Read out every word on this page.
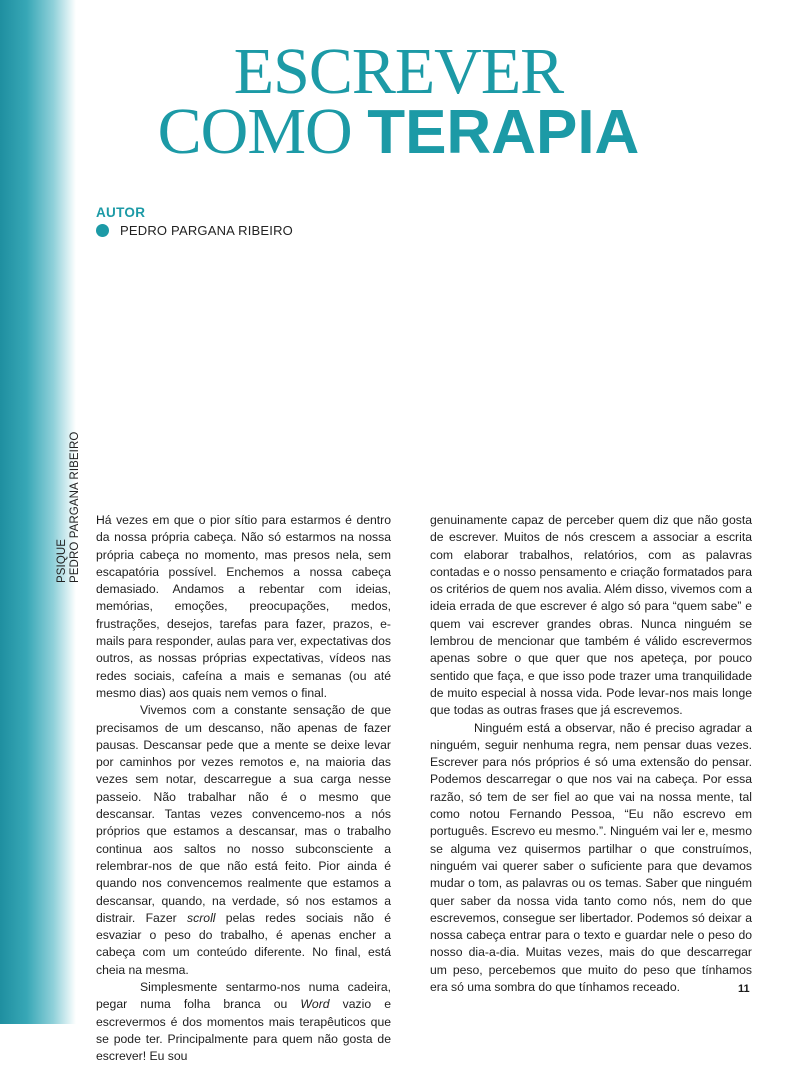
PSIQUE PEDRO PARGANA RIBEIRO
ESCREVER
COMO TERAPIA
AUTOR
PEDRO PARGANA RIBEIRO

Há vezes em que o pior sítio para estarmos é dentro da nossa própria cabeça. Não só estarmos na nossa própria cabeça no momento, mas presos nela, sem escapatória possível. Enchemos a nossa cabeça demasiado. Andamos a rebentar com ideias, memórias, emoções, preocupações, medos, frustrações, desejos, tarefas para fazer, prazos, e-mails para responder, aulas para ver, expectativas dos outros, as nossas próprias expectativas, vídeos nas redes sociais, cafeína a mais e semanas (ou até mesmo dias) aos quais nem vemos o final.

Vivemos com a constante sensação de que precisamos de um descanso, não apenas de fazer pausas. Descansar pede que a mente se deixe levar por caminhos por vezes remotos e, na maioria das vezes sem notar, descarregue a sua carga nesse passeio. Não trabalhar não é o mesmo que descansar. Tantas vezes convencemo-nos a nós próprios que estamos a descansar, mas o trabalho continua aos saltos no nosso subconsciente a relembrar-nos de que não está feito. Pior ainda é quando nos convencemos realmente que estamos a descansar, quando, na verdade, só nos estamos a distrair. Fazer scroll pelas redes sociais não é esvaziar o peso do trabalho, é apenas encher a cabeça com um conteúdo diferente. No final, está cheia na mesma.

Simplesmente sentarmo-nos numa cadeira, pegar numa folha branca ou Word vazio e escrevermos é dos momentos mais terapêuticos que se pode ter. Principalmente para quem não gosta de escrever! Eu sou

genuinamente capaz de perceber quem diz que não gosta de escrever. Muitos de nós crescem a associar a escrita com elaborar trabalhos, relatórios, com as palavras contadas e o nosso pensamento e criação formatados para os critérios de quem nos avalia. Além disso, vivemos com a ideia errada de que escrever é algo só para “quem sabe” e quem vai escrever grandes obras. Nunca ninguém se lembrou de mencionar que também é válido escrevermos apenas sobre o que quer que nos apeteça, por pouco sentido que faça, e que isso pode trazer uma tranquilidade de muito especial à nossa vida. Pode levar-nos mais longe que todas as outras frases que já escrevemos.

Ninguém está a observar, não é preciso agradar a ninguém, seguir nenhuma regra, nem pensar duas vezes. Escrever para nós próprios é só uma extensão do pensar. Podemos descarregar o que nos vai na cabeça. Por essa razão, só tem de ser fiel ao que vai na nossa mente, tal como notou Fernando Pessoa, “Eu não escrevo em português. Escrevo eu mesmo.”. Ninguém vai ler e, mesmo se alguma vez quisermos partilhar o que construímos, ninguém vai querer saber o suficiente para que devamos mudar o tom, as palavras ou os temas. Saber que ninguém quer saber da nossa vida tanto como nós, nem do que escrevemos, consegue ser libertador. Podemos só deixar a nossa cabeça entrar para o texto e guardar nele o peso do nosso dia-a-dia. Muitas vezes, mais do que descarregar um peso, percebemos que muito do peso que tínhamos era só uma sombra do que tínhamos receado.	11
